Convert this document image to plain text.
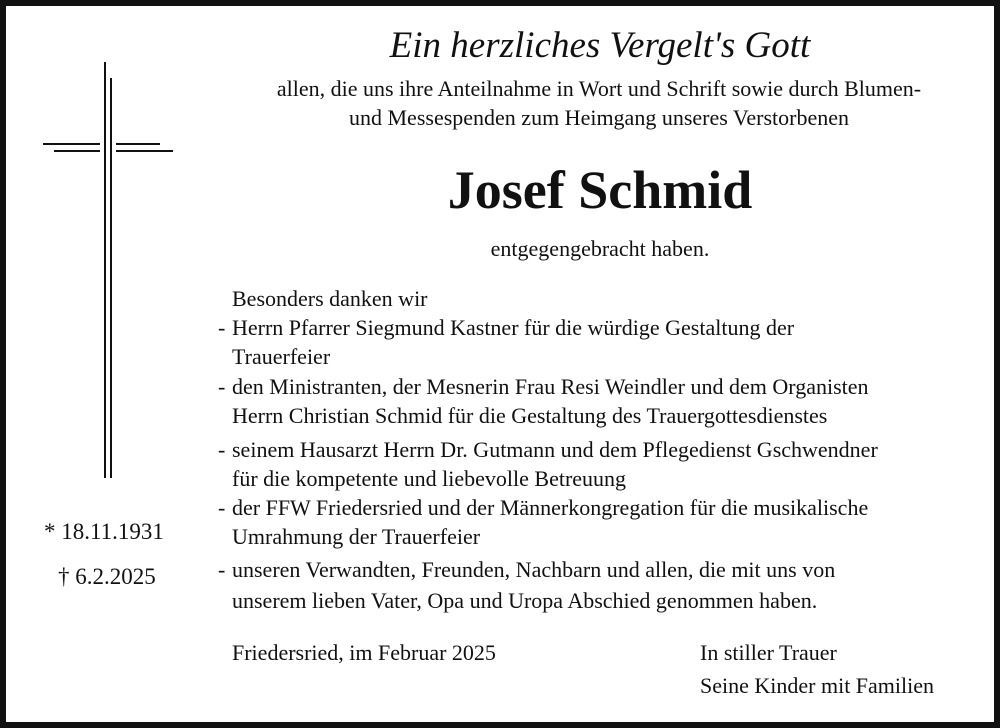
* 18.11.1931
† 6.2.2025
Ein herzliches Vergelt's Gott
allen, die uns ihre Anteilnahme in Wort und Schrift sowie durch Blumen-
und Messespenden zum Heimgang unseres Verstorbenen
Josef Schmid
entgegengebracht haben.
Besonders danken wir
- Herrn Pfarrer Siegmund Kastner für die würdige Gestaltung der
Trauerfeier
- den Ministranten, der Mesnerin Frau Resi Weindler und dem Organisten
Herrn Christian Schmid für die Gestaltung des Trauergottesdienstes
- seinem Hausarzt Herrn Dr. Gutmann und dem Pflegedienst Gschwendner
für die kompetente und liebevolle Betreuung
- der FFW Friedersried und der Männerkongregation für die musikalische
Umrahmung der Trauerfeier
- unseren Verwandten, Freunden, Nachbarn und allen, die mit uns von
unserem lieben Vater, Opa und Uropa Abschied genommen haben.
Friedersried, im Februar 2025	In stiller Trauer
Seine Kinder mit Familien
